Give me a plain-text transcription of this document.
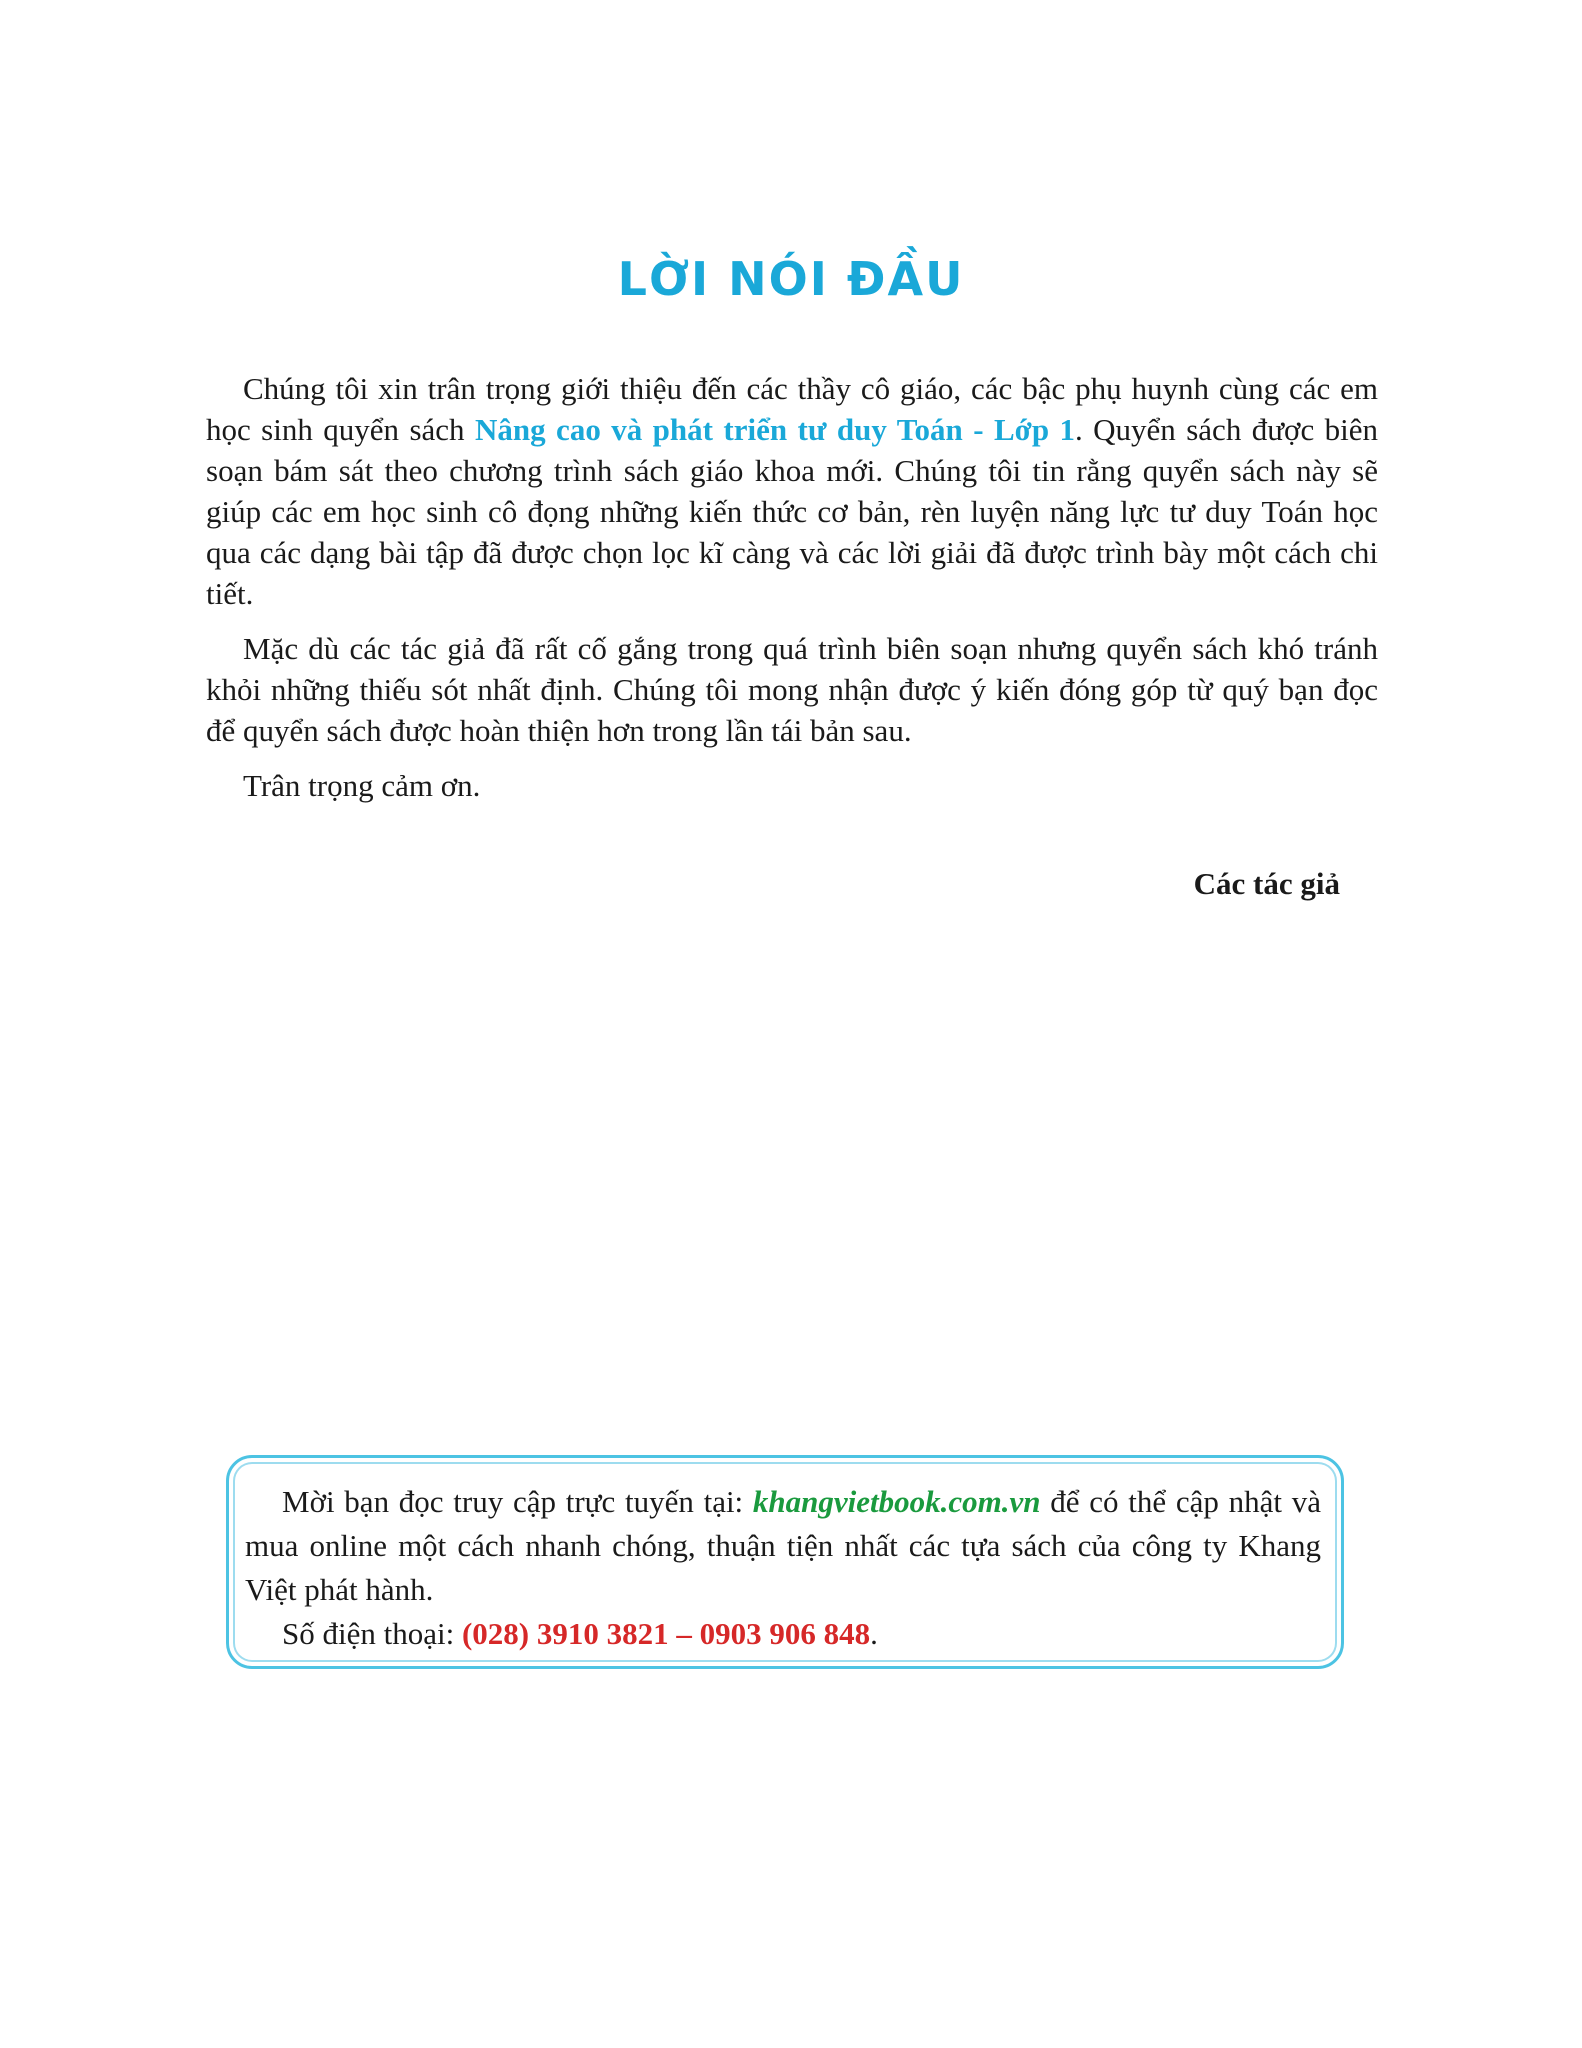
LỜI NÓI ĐẦU

Chúng tôi xin trân trọng giới thiệu đến các thầy cô giáo, các bậc phụ huynh cùng các em học sinh quyển sách Nâng cao và phát triển tư duy Toán - Lớp 1. Quyển sách được biên soạn bám sát theo chương trình sách giáo khoa mới. Chúng tôi tin rằng quyển sách này sẽ giúp các em học sinh cô đọng những kiến thức cơ bản, rèn luyện năng lực tư duy Toán học qua các dạng bài tập đã được chọn lọc kĩ càng và các lời giải đã được trình bày một cách chi tiết.

Mặc dù các tác giả đã rất cố gắng trong quá trình biên soạn nhưng quyển sách khó tránh khỏi những thiếu sót nhất định. Chúng tôi mong nhận được ý kiến đóng góp từ quý bạn đọc để quyển sách được hoàn thiện hơn trong lần tái bản sau.

Trân trọng cảm ơn.

Các tác giả

Mời bạn đọc truy cập trực tuyến tại: khangvietbook.com.vn để có thể cập nhật và mua online một cách nhanh chóng, thuận tiện nhất các tựa sách của công ty Khang Việt phát hành.

Số điện thoại: (028) 3910 3821 – 0903 906 848.
